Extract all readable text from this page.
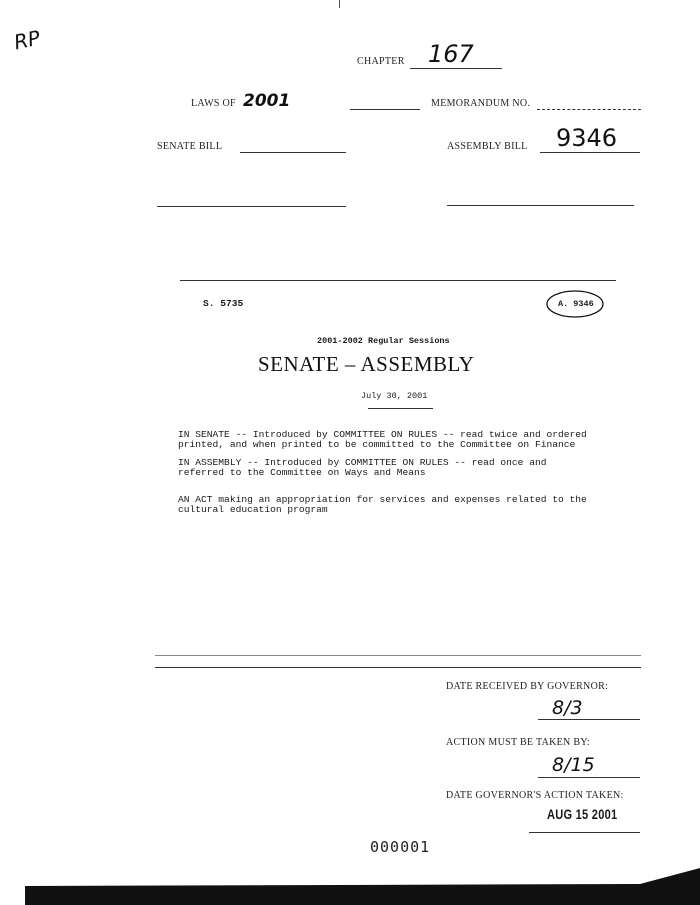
RP
CHAPTER 167
LAWS OF 2001	MEMORANDUM NO.
SENATE BILL	ASSEMBLY BILL 9346
S. 5735	A. 9346
2001-2002 Regular Sessions
SENATE – ASSEMBLY
July 30, 2001
IN SENATE -- Introduced by COMMITTEE ON RULES -- read twice and ordered
printed, and when printed to be committed to the Committee on Finance
IN ASSEMBLY -- Introduced by COMMITTEE ON RULES -- read once and
referred to the Committee on Ways and Means
AN ACT making an appropriation for services and expenses related to the
cultural education program
DATE RECEIVED BY GOVERNOR:
8/3
ACTION MUST BE TAKEN BY:
8/15
DATE GOVERNOR'S ACTION TAKEN:
AUG 15 2001
000001
